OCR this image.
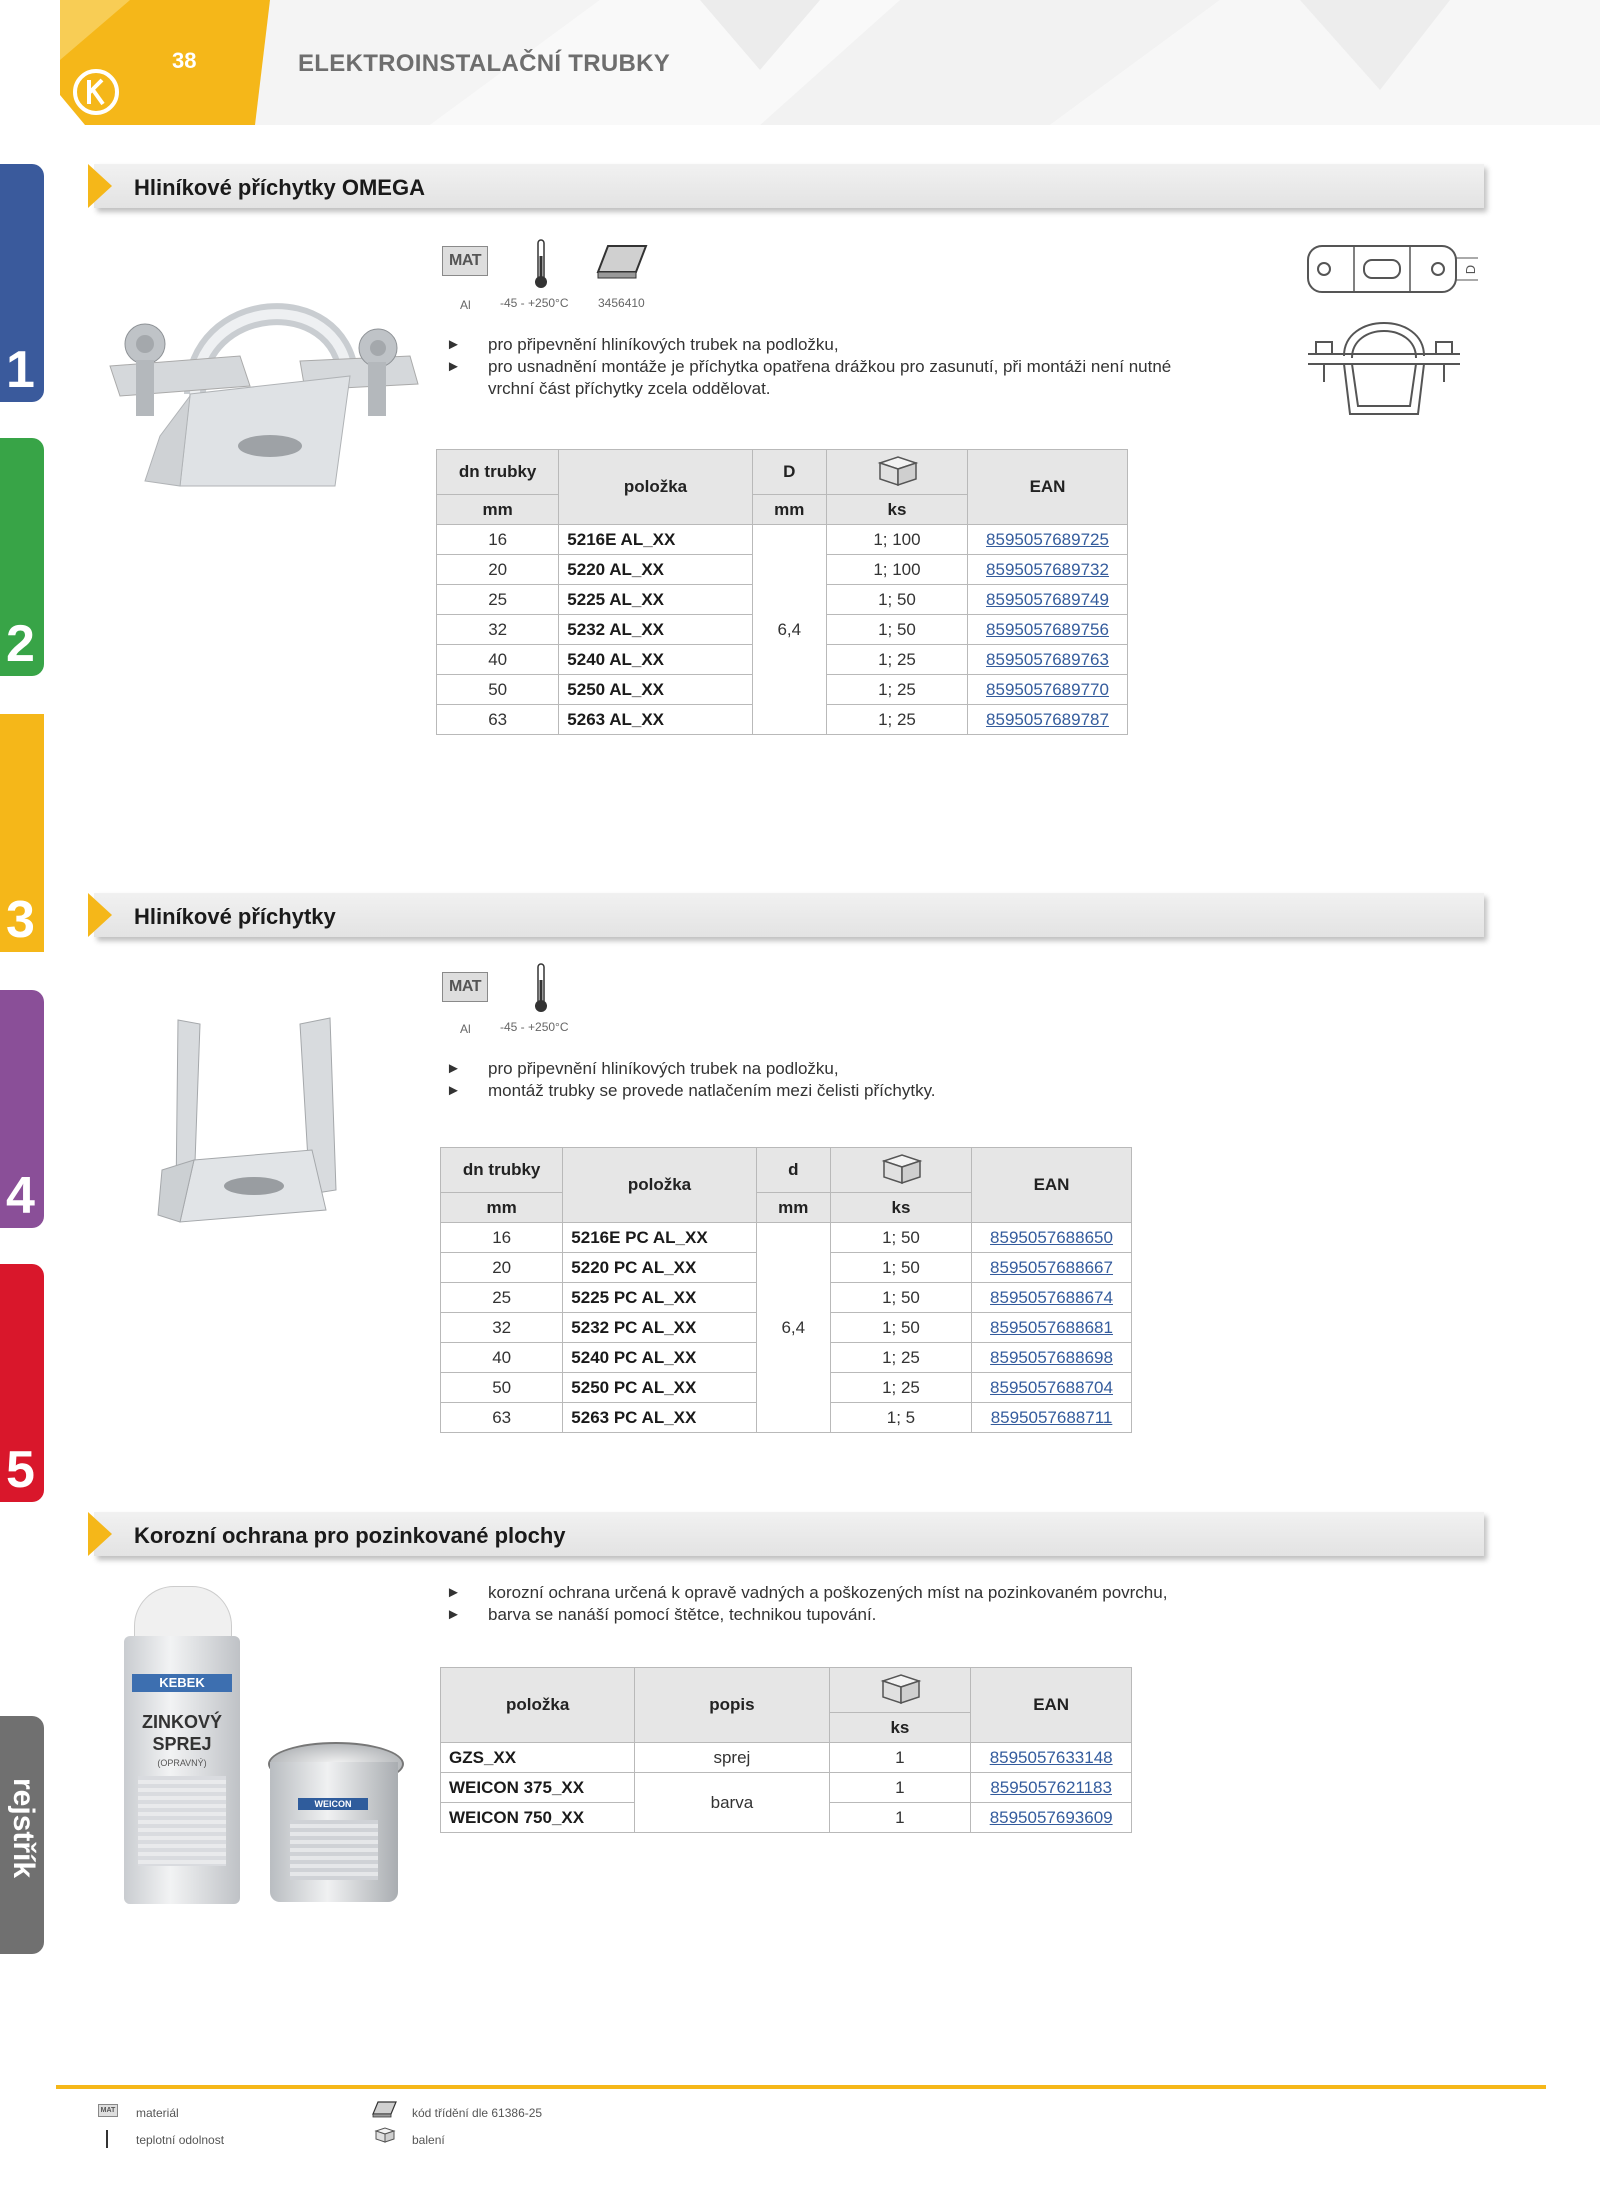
38	ELEKTROINSTALAČNÍ TRUBKY
1
2
3
4
5
rejstřík
Hliníkové příchytky OMEGA
MAT
Al -45 - +250°C 3456410
D
► pro připevnění hliníkových trubek na podložku,
► pro usnadnění montáže je příchytka opatřena drážkou pro zasunutí, při montáži není nutné
vrchní část příchytky zcela oddělovat.
dn trubky	položka	D		EAN
mm		mm	ks	
16	5216E AL_XX	6,4	1; 100	8595057689725
20	5220 AL_XX		1; 100	8595057689732
25	5225 AL_XX		1; 50	8595057689749
32	5232 AL_XX		1; 50	8595057689756
40	5240 AL_XX		1; 25	8595057689763
50	5250 AL_XX		1; 25	8595057689770
63	5263 AL_XX		1; 25	8595057689787
Hliníkové příchytky
MAT
Al -45 - +250°C
► pro připevnění hliníkových trubek na podložku,
► montáž trubky se provede natlačením mezi čelisti příchytky.
dn trubky	položka	d		EAN
mm		mm	ks	
16	5216E PC AL_XX	6,4	1; 50	8595057688650
20	5220 PC AL_XX		1; 50	8595057688667
25	5225 PC AL_XX		1; 50	8595057688674
32	5232 PC AL_XX		1; 50	8595057688681
40	5240 PC AL_XX		1; 25	8595057688698
50	5250 PC AL_XX		1; 25	8595057688704
63	5263 PC AL_XX		1; 5	8595057688711
Korozní ochrana pro pozinkované plochy
KEBEK
ZINKOVÝ
SPREJ
(OPRAVNÝ)
WEICON
► korozní ochrana určená k opravě vadných a poškozených míst na pozinkovaném povrchu,
► barva se nanáší pomocí štětce, technikou tupování.
položka	popis		EAN
		ks	
GZS_XX	sprej	1	8595057633148
WEICON 375_XX	barva	1	8595057621183
WEICON 750_XX		1	8595057693609
MAT materiál
teplotní odolnost
kód třídění dle 61386-25
balení
